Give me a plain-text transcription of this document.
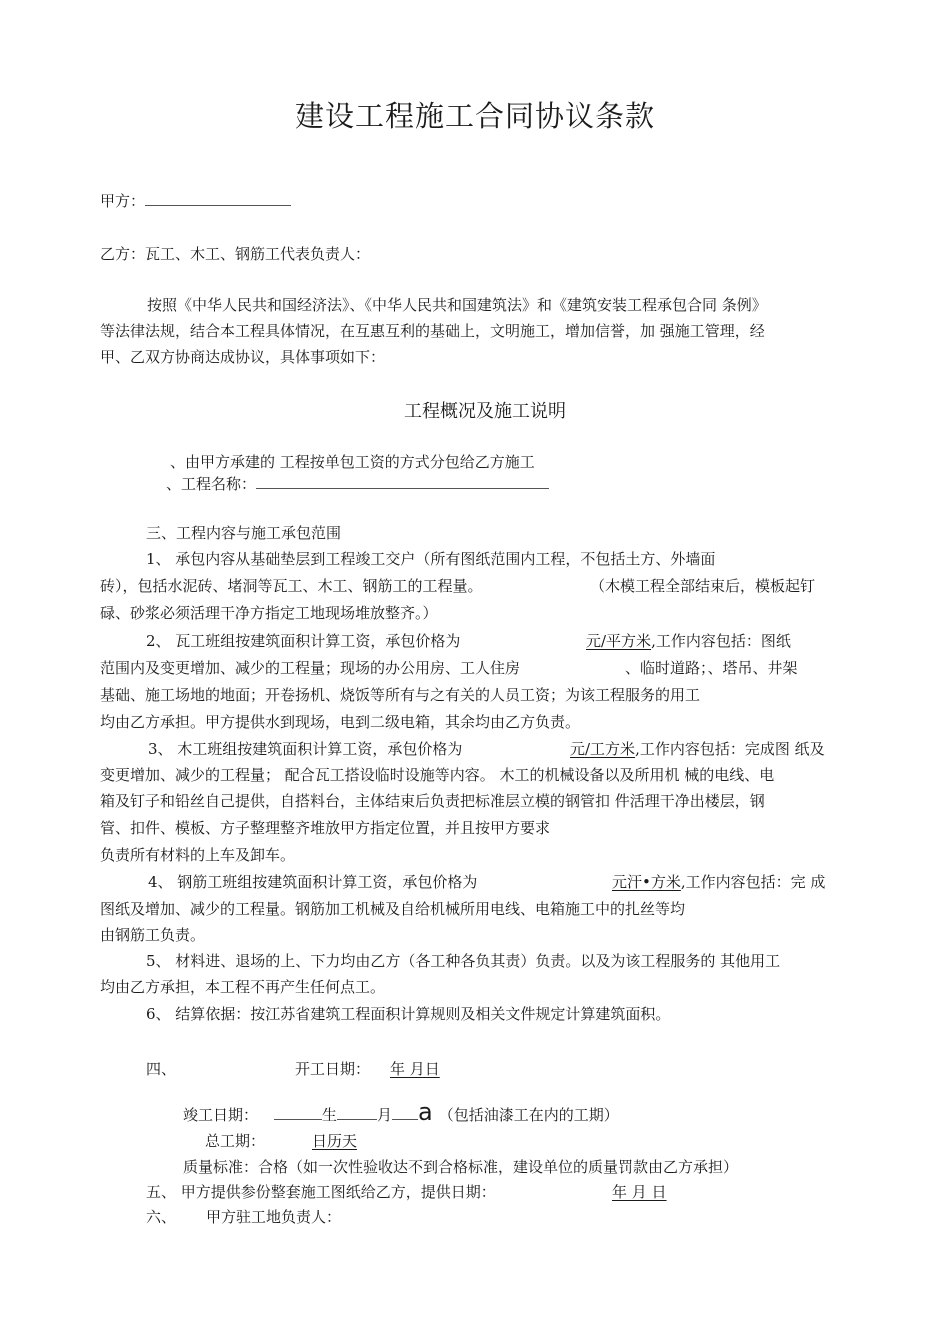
建设工程施工合同协议条款
甲方：
乙方：瓦工、木工、钢筋工代表负责人：
按照《中华人民共和国经济法》、《中华人民共和国建筑法》和《建筑安装工程承包合同 条例》
等法律法规，结合本工程具体情况，在互惠互利的基础上，文明施工，增加信誉，加 强施工管理，经
甲、乙双方协商达成协议，具体事项如下：
工程概况及施工说明
、由甲方承建的 工程按单包工资的方式分包给乙方施工
、工程名称：
三、工程内容与施工承包范围
1、 承包内容从基础垫层到工程竣工交户（所有图纸范围内工程，不包括土方、外墙面
砖），包括水泥砖、堵洞等瓦工、木工、钢筋工的工程量。	（木模工程全部结束后，模板起钉
碌、砂浆必须活理干净方指定工地现场堆放整齐。）
2、 瓦工班组按建筑面积计算工资，承包价格为	元/平方米,工作内容包括：图纸
范围内及变更增加、减少的工程量；现场的办公用房、工人住房	、临时道路；、塔吊、井架
基础、施工场地的地面；开卷扬机、烧饭等所有与之有关的人员工资；为该工程服务的用工
均由乙方承担。甲方提供水到现场，电到二级电箱，其余均由乙方负责。
3、 木工班组按建筑面积计算工资，承包价格为	元/工方米,工作内容包括：完成图 纸及
变更增加、减少的工程量； 配合瓦工搭设临时设施等内容。 木工的机械设备以及所用机 械的电线、电
箱及钉子和铅丝自己提供，自搭料台，主体结束后负责把标准层立模的钢管扣 件活理干净出楼层，钢
管、扣件、模板、方子整理整齐堆放甲方指定位置，并且按甲方要求
负责所有材料的上车及卸车。
4、 钢筋工班组按建筑面积计算工资，承包价格为	元汗•方米,工作内容包括：完 成
图纸及增加、减少的工程量。钢筋加工机械及自给机械所用电线、电箱施工中的扎丝等均
由钢筋工负责。
5、 材料进、退场的上、下力均由乙方（各工种各负其责）负责。以及为该工程服务的 其他用工
均由乙方承担，本工程不再产生任何点工。
6、 结算依据：按江苏省建筑工程面积计算规则及相关文件规定计算建筑面积。
四、	开工日期： 年 月日
竣工日期：	生	月 a （包括油漆工在内的工期）
总工期：	日历天
质量标准：合格（如一次性验收达不到合格标准，建设单位的质量罚款由乙方承担）
五、 甲方提供参份整套施工图纸给乙方，提供日期：	年 月 日
六、 甲方驻工地负责人：
